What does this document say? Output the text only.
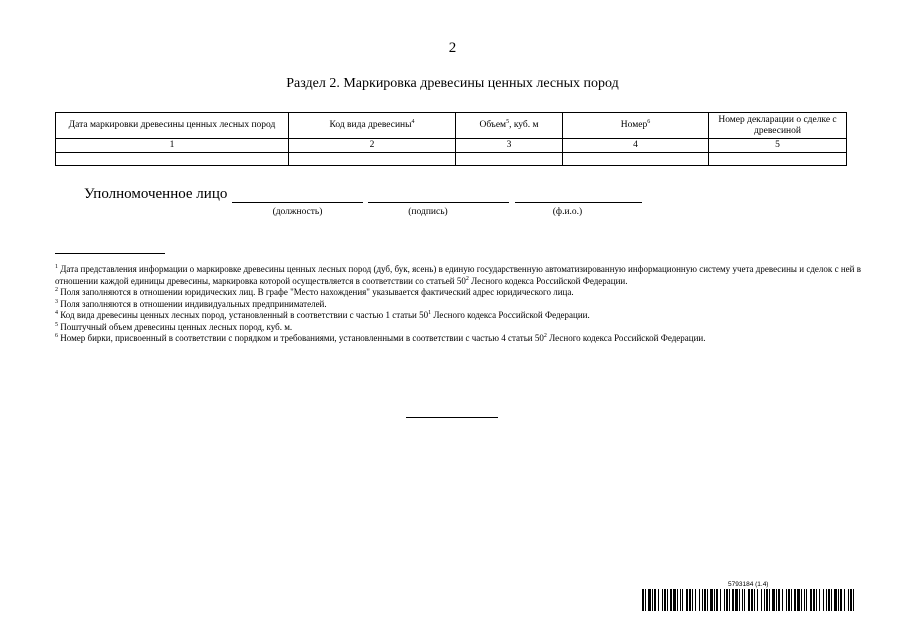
2
Раздел 2. Маркировка древесины ценных лесных пород
Дата маркировки древесины ценных лесных пород	Код вида древесины$^4$	Объем$^5$, куб. м	Номер$^6$	Номер декларации о сделке с древесиной
1	2	3	4	5

Уполномоченное лицо
(должность)	(подпись)	(ф.и.о.)
$^1$ Дата представления информации о маркировке древесины ценных лесных пород (дуб, бук, ясень) в единую государственную автоматизированную информационную систему учета древесины и сделок с ней в отношении каждой единицы древесины, маркировка которой осуществляется в соответствии со статьей $50^2$ Лесного кодекса Российской Федерации.
$^2$ Поля заполняются в отношении юридических лиц. В графе "Место нахождения" указывается фактический адрес юридического лица.
$^3$ Поля заполняются в отношении индивидуальных предпринимателей.
$^4$ Код вида древесины ценных лесных пород, установленный в соответствии с частью 1 статьи $50^1$ Лесного кодекса Российской Федерации.
$^5$ Поштучный объем древесины ценных лесных пород, куб. м.
$^6$ Номер бирки, присвоенный в соответствии с порядком и требованиями, установленными в соответствии с частью 4 статьи $50^2$ Лесного кодекса Российской Федерации.
5793184 (1.4)
